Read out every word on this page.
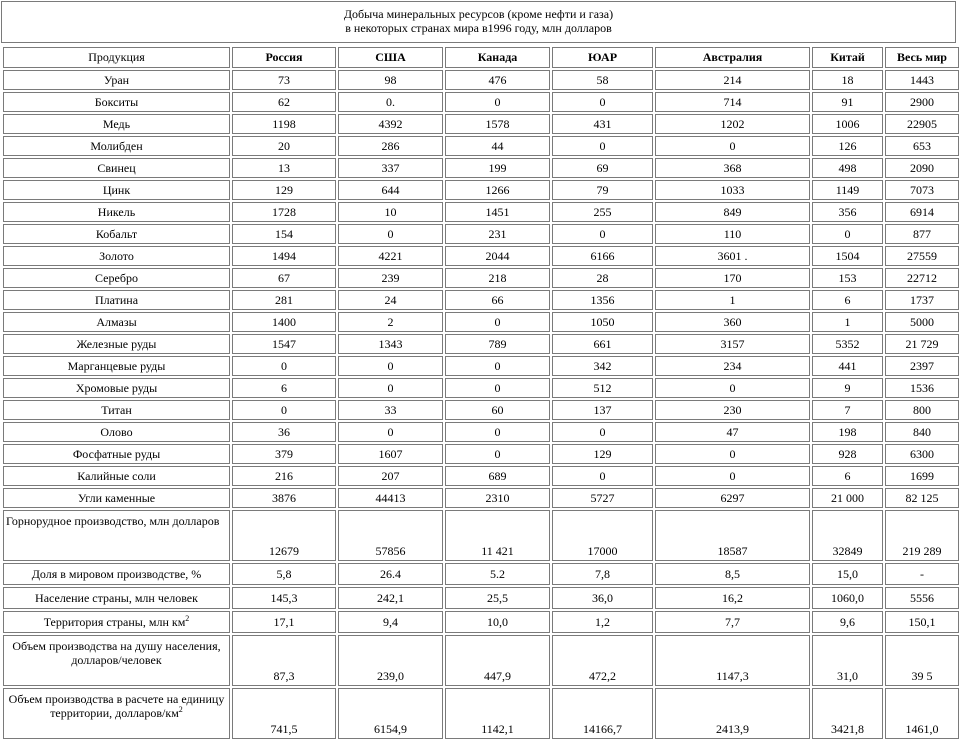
Добыча минеральных ресурсов (кроме нефти и газа)
в некоторых странах мира в1996 году, млн долларов
Продукция	Россия	США	Канада	ЮАР	Австралия	Китай	Весь мир
Уран	73	98	476	58	214	18	1443
Бокситы	62	0.	0	0	714	91	2900
Медь	1198	4392	1578	431	1202	1006	22905
Молибден	20	286	44	0	0	126	653
Свинец	13	337	199	69	368	498	2090
Цинк	129	644	1266	79	1033	1149	7073
Никель	1728	10	1451	255	849	356	6914
Кобальт	154	0	231	0	110	0	877
Золото	1494	4221	2044	6166	3601 .	1504	27559
Серебро	67	239	218	28	170	153	22712
Платина	281	24	66	1356	1	6	1737
Алмазы	1400	2	0	1050	360	1	5000
Железные руды	1547	1343	789	661	3157	5352	21 729
Марганцевые руды	0	0	0	342	234	441	2397
Хромовые руды	6	0	0	512	0	9	1536
Титан	0	33	60	137	230	7	800
Олово	36	0	0	0	47	198	840
Фосфатные руды	379	1607	0	129	0	928	6300
Калийные соли	216	207	689	0	0	6	1699
Угли каменные	3876	44413	2310	5727	6297	21 000	82 125
Горнорудное производство, млн долларов	12679	57856	11 421	17000	18587	32849	219 289
Доля в мировом производстве, %	5,8	26.4	5.2	7,8	8,5	15,0	-
Население страны, млн человек	145,3	242,1	25,5	36,0	16,2	1060,0	5556
Территория страны, млн $км^2$	17,1	9,4	10,0	1,2	7,7	9,6	150,1
Объем производства на душу населения, долларов/человек	87,3	239,0	447,9	472,2	1147,3	31,0	39 5
Объем производства в расчете на единицу территории, долларов/$км^2$	741,5	6154,9	1142,1	14166,7	2413,9	3421,8	1461,0
